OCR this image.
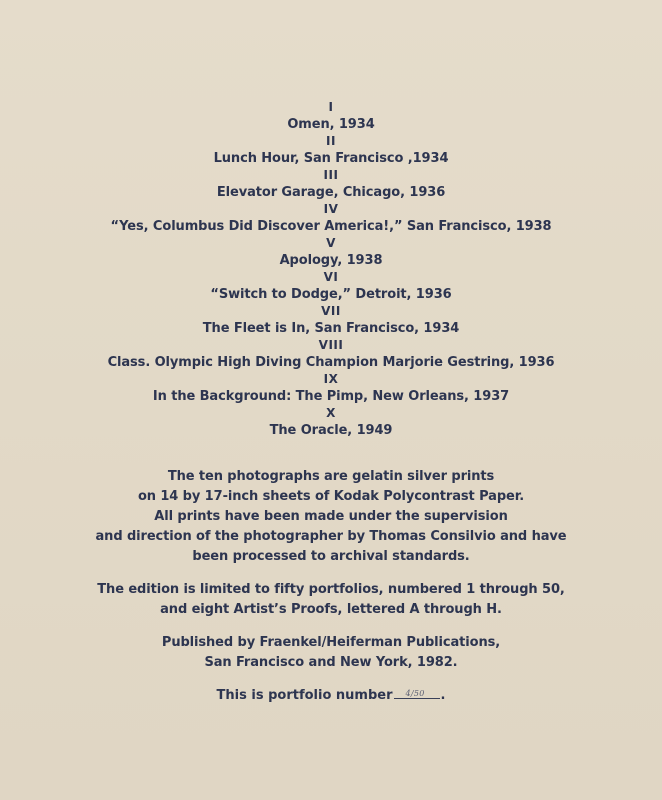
I
Omen, 1934
II
Lunch Hour, San Francisco ,1934
III
Elevator Garage, Chicago, 1936
IV
“Yes, Columbus Did Discover America!,” San Francisco, 1938
V
Apology, 1938
VI
“Switch to Dodge,” Detroit, 1936
VII
The Fleet is In, San Francisco, 1934
VIII
Class. Olympic High Diving Champion Marjorie Gestring, 1936
IX
In the Background: The Pimp, New Orleans, 1937
X
The Oracle, 1949
The ten photographs are gelatin silver prints
on 14 by 17-inch sheets of Kodak Polycontrast Paper.
All prints have been made under the supervision
and direction of the photographer by Thomas Consilvio and have
been processed to archival standards.
The edition is limited to fifty portfolios, numbered 1 through 50,
and eight Artist’s Proofs, lettered A through H.
Published by Fraenkel/Heiferman Publications,
San Francisco and New York, 1982.
This is portfolio number 4/50 .
